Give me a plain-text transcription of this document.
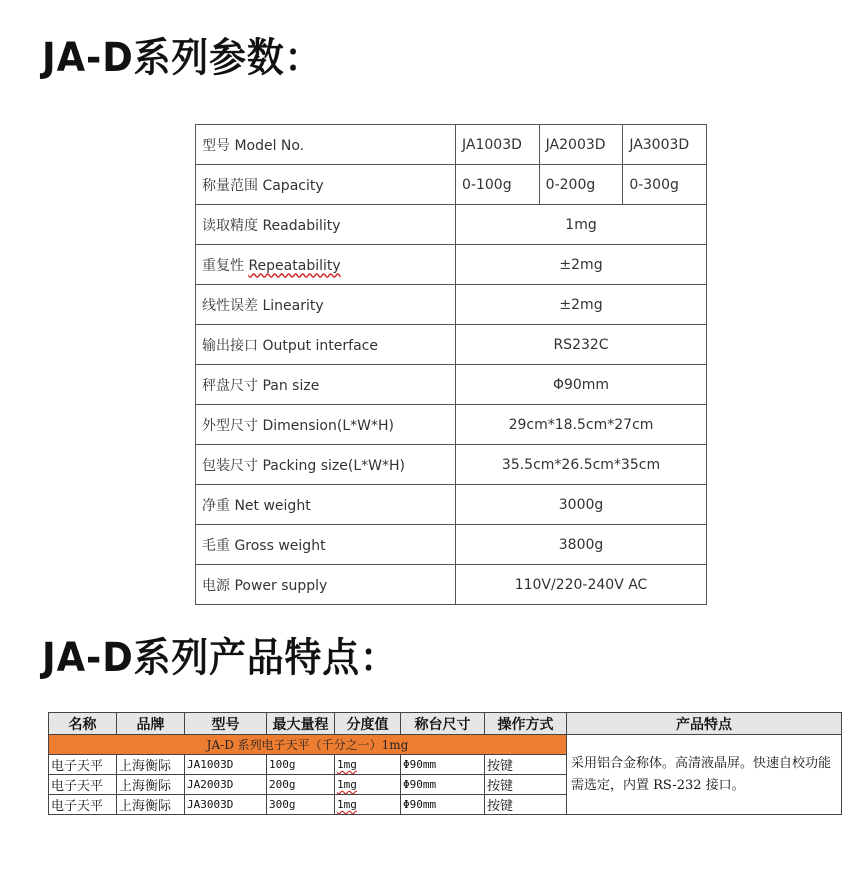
JA-D系列参数：
型号 Model No.	JA1003D	JA2003D	JA3003D
称量范围 Capacity	0-100g	0-200g	0-300g
读取精度 Readability	1mg		
重复性 Repeatability	±2mg		
线性误差 Linearity	±2mg		
输出接口 Output interface	RS232C		
秤盘尺寸 Pan size	Φ90mm		
外型尺寸 Dimension(L*W*H)	29cm*18.5cm*27cm		
包装尺寸 Packing size(L*W*H)	35.5cm*26.5cm*35cm		
净重 Net weight	3000g		
毛重 Gross weight	3800g		
电源 Power supply	110V/220-240V AC		
JA-D系列产品特点：
名称	品牌	型号	最大量程	分度值	称台尺寸	操作方式	产品特点
JA-D 系列电子天平（千分之一）1mg							采用铝合金称体。高清液晶屏。快速自校功能需选定，内置 RS-232 接口。
电子天平	上海衡际	JA1003D	100g	1mg	Φ90mm	按键	
电子天平	上海衡际	JA2003D	200g	1mg	Φ90mm	按键	
电子天平	上海衡际	JA3003D	300g	1mg	Φ90mm	按键	
